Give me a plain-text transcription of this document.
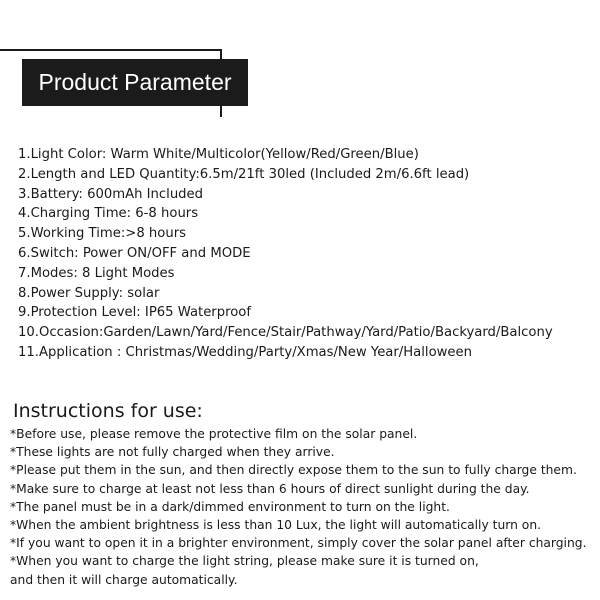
Product Parameter
1.Light Color: Warm White/Multicolor(Yellow/Red/Green/Blue)
2.Length and LED Quantity:6.5m/21ft 30led (Included 2m/6.6ft lead)
3.Battery: 600mAh Included
4.Charging Time: 6-8 hours
5.Working Time:>8 hours
6.Switch: Power ON/OFF and MODE
7.Modes: 8 Light Modes
8.Power Supply: solar
9.Protection Level: IP65 Waterproof
10.Occasion:Garden/Lawn/Yard/Fence/Stair/Pathway/Yard/Patio/Backyard/Balcony
11.Application : Christmas/Wedding/Party/Xmas/New Year/Halloween
Instructions for use:
*Before use, please remove the protective film on the solar panel.
*These lights are not fully charged when they arrive.
*Please put them in the sun, and then directly expose them to the sun to fully charge them.
*Make sure to charge at least not less than 6 hours of direct sunlight during the day.
*The panel must be in a dark/dimmed environment to turn on the light.
*When the ambient brightness is less than 10 Lux, the light will automatically turn on.
*If you want to open it in a brighter environment, simply cover the solar panel after charging.
*When you want to charge the light string, please make sure it is turned on,
and then it will charge automatically.
